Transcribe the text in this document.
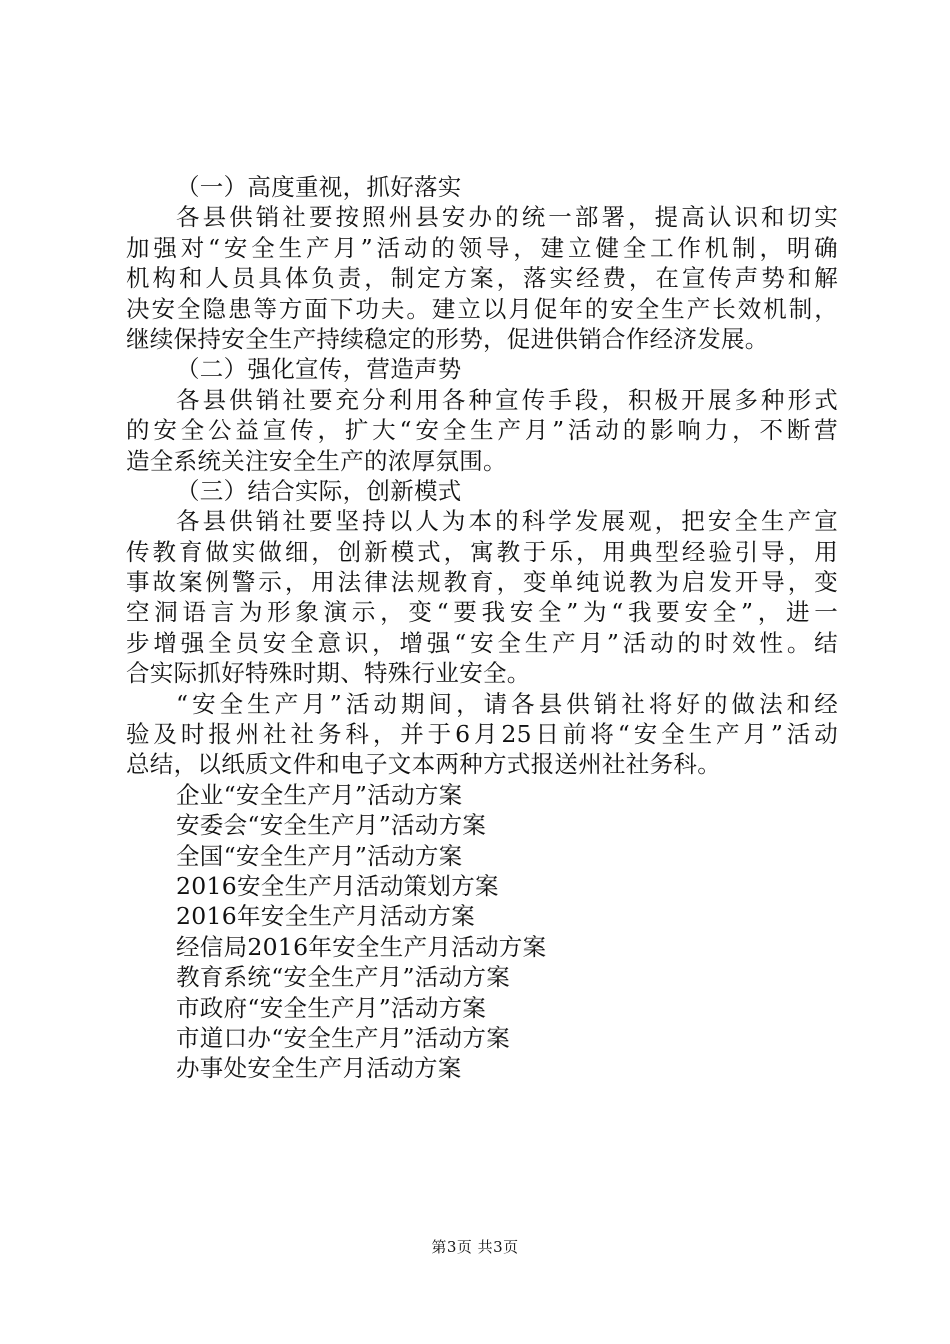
（一）高度重视，抓好落实
各县供销社要按照州县安办的统一部署，提高认识和切实
加强对“安全生产月”活动的领导，建立健全工作机制，明确
机构和人员具体负责，制定方案，落实经费，在宣传声势和解
决安全隐患等方面下功夫。建立以月促年的安全生产长效机制，
继续保持安全生产持续稳定的形势，促进供销合作经济发展。
（二）强化宣传，营造声势
各县供销社要充分利用各种宣传手段，积极开展多种形式
的安全公益宣传，扩大“安全生产月”活动的影响力，不断营
造全系统关注安全生产的浓厚氛围。
（三）结合实际，创新模式
各县供销社要坚持以人为本的科学发展观，把安全生产宣
传教育做实做细，创新模式，寓教于乐，用典型经验引导，用
事故案例警示，用法律法规教育，变单纯说教为启发开导，变
空洞语言为形象演示，变“要我安全”为“我要安全”，进一
步增强全员安全意识，增强“安全生产月”活动的时效性。结
合实际抓好特殊时期、特殊行业安全。
“安全生产月”活动期间，请各县供销社将好的做法和经
验及时报州社社务科，并于6月25日前将“安全生产月”活动
总结，以纸质文件和电子文本两种方式报送州社社务科。
企业“安全生产月”活动方案
安委会“安全生产月”活动方案
全国“安全生产月”活动方案
2016安全生产月活动策划方案
2016年安全生产月活动方案
经信局2016年安全生产月活动方案
教育系统“安全生产月”活动方案
市政府“安全生产月”活动方案
市道口办“安全生产月”活动方案
办事处安全生产月活动方案
第3页 共3页
